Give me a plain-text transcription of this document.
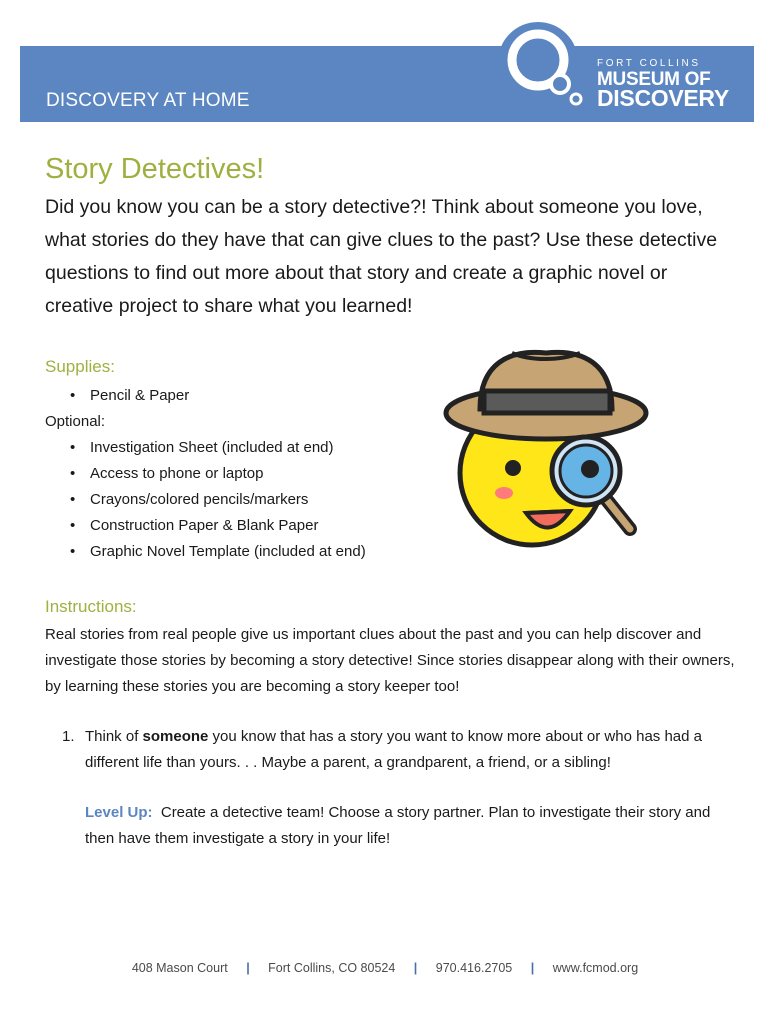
DISCOVERY AT HOME
FORT COLLINS
MUSEUM OF
DISCOVERY
Story Detectives!

Did you know you can be a story detective?! Think about someone you love, what stories do they have that can give clues to the past? Use these detective questions to find out more about that story and create a graphic novel or creative project to share what you learned!

Supplies:
• Pencil & Paper

Optional:

• Investigation Sheet (included at end)
• Access to phone or laptop
• Crayons/colored pencils/markers
• Construction Paper & Blank Paper
• Graphic Novel Template (included at end)
Instructions:

Real stories from real people give us important clues about the past and you can help discover and investigate those stories by becoming a story detective! Since stories disappear along with their owners, by learning these stories you are becoming a story keeper too!

1. Think of someone you know that has a story you want to know more about or who has had a different life than yours. . . Maybe a parent, a grandparent, a friend, or a sibling!

Level Up: Create a detective team! Choose a story partner. Plan to investigate their story and then have them investigate a story in your life!

408 Mason Court | Fort Collins, CO 80524 | 970.416.2705 | www.fcmod.org
